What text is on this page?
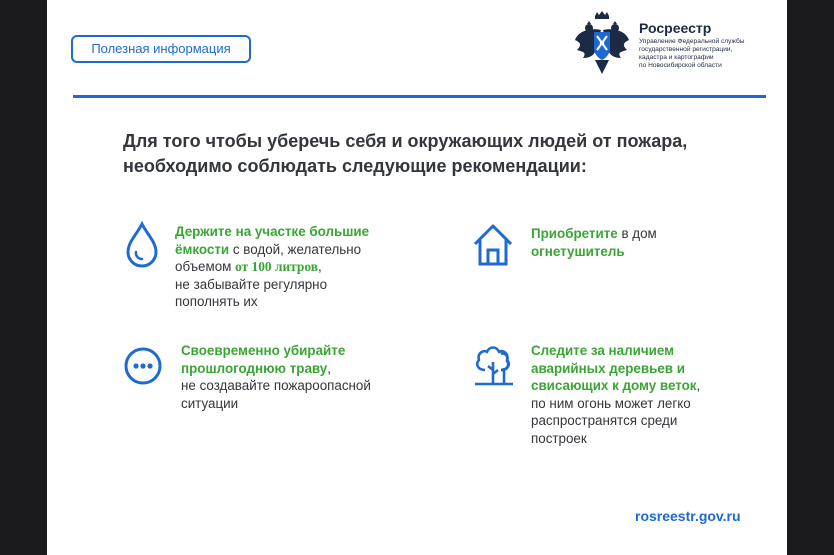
Полезная информация
Росреестр
Управление Федеральной службы
государственной регистрации,
кадастра и картографии
по Новосибирской области
Для того чтобы уберечь себя и окружающих людей от пожара,
необходимо соблюдать следующие рекомендации:
Держите на участке большие
ёмкости с водой, желательно
объемом от 100 литров,
не забывайте регулярно
пополнять их
Приобретите в дом
огнетушитель
Своевременно убирайте
прошлогоднюю траву,
не создавайте пожароопасной
ситуации
Следите за наличием
аварийных деревьев и
свисающих к дому веток,
по ним огонь может легко
распространятся среди
построек
rosreestr.gov.ru
